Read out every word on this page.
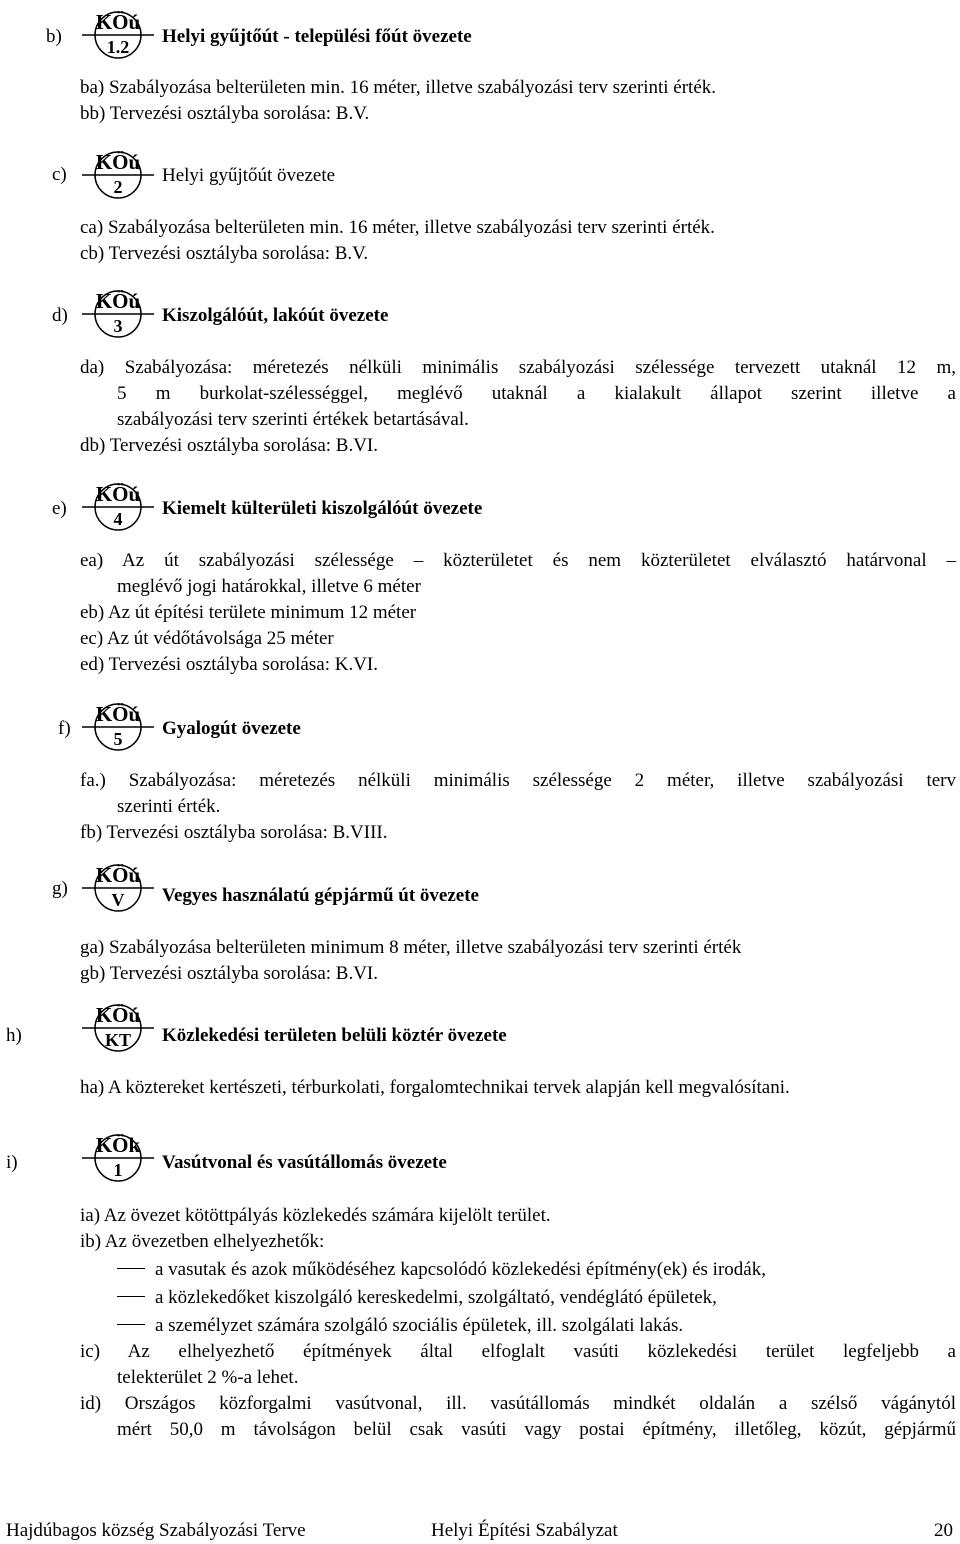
b)
KÖú
1.2	Helyi gyűjtőút - települési főút övezete
ba) Szabályozása belterületen min. 16 méter, illetve szabályozási terv szerinti érték.
bb) Tervezési osztályba sorolása: B.V.
c)
KÖú
2
Helyi gyűjtőút övezete
ca) Szabályozása belterületen min. 16 méter, illetve szabályozási terv szerinti érték.
cb) Tervezési osztályba sorolása: B.V.
d)
KÖú
3	Kiszolgálóút, lakóút övezete
da) Szabályozása: méretezés nélküli minimális szabályozási szélessége tervezett utaknál 12 m,
5 m burkolat-szélességgel, meglévő utaknál a kialakult állapot szerint illetve a
szabályozási terv szerinti értékek betartásával.
db) Tervezési osztályba sorolása: B.VI.
e)
KÖú
4	Kiemelt külterületi kiszolgálóút övezete
ea) Az út szabályozási szélessége – közterületet és nem közterületet elválasztó határvonal –
meglévő jogi határokkal, illetve 6 méter
eb) Az út építési területe minimum 12 méter
ec) Az út védőtávolsága 25 méter
ed) Tervezési osztályba sorolása: K.VI.
f)
KÖú
5	Gyalogút övezete
fa.) Szabályozása: méretezés nélküli minimális szélessége 2 méter, illetve szabályozási terv
szerinti érték.
fb) Tervezési osztályba sorolása: B.VIII.
g)
KÖú
V	Vegyes használatú gépjármű út övezete
ga) Szabályozása belterületen minimum 8 méter, illetve szabályozási terv szerinti érték
gb) Tervezési osztályba sorolása: B.VI.
h)
KÖú
KT	Közlekedési területen belüli köztér övezete
ha) A köztereket kertészeti, térburkolati, forgalomtechnikai tervek alapján kell megvalósítani.
i)
KÖk
1	Vasútvonal és vasútállomás övezete
ia) Az övezet kötöttpályás közlekedés számára kijelölt terület.
ib) Az övezetben elhelyezhetők:
a vasutak és azok működéséhez kapcsolódó közlekedési építmény(ek) és irodák,
a közlekedőket kiszolgáló kereskedelmi, szolgáltató, vendéglátó épületek,
a személyzet számára szolgáló szociális épületek, ill. szolgálati lakás.
ic) Az elhelyezhető építmények által elfoglalt vasúti közlekedési terület legfeljebb a
telekterület 2 %-a lehet.
id) Országos közforgalmi vasútvonal, ill. vasútállomás mindkét oldalán a szélső vágánytól
mért 50,0 m távolságon belül csak vasúti vagy postai építmény, illetőleg, közút, gépjármű
Hajdúbagos község Szabályozási Terve	Helyi Építési Szabályzat	20
